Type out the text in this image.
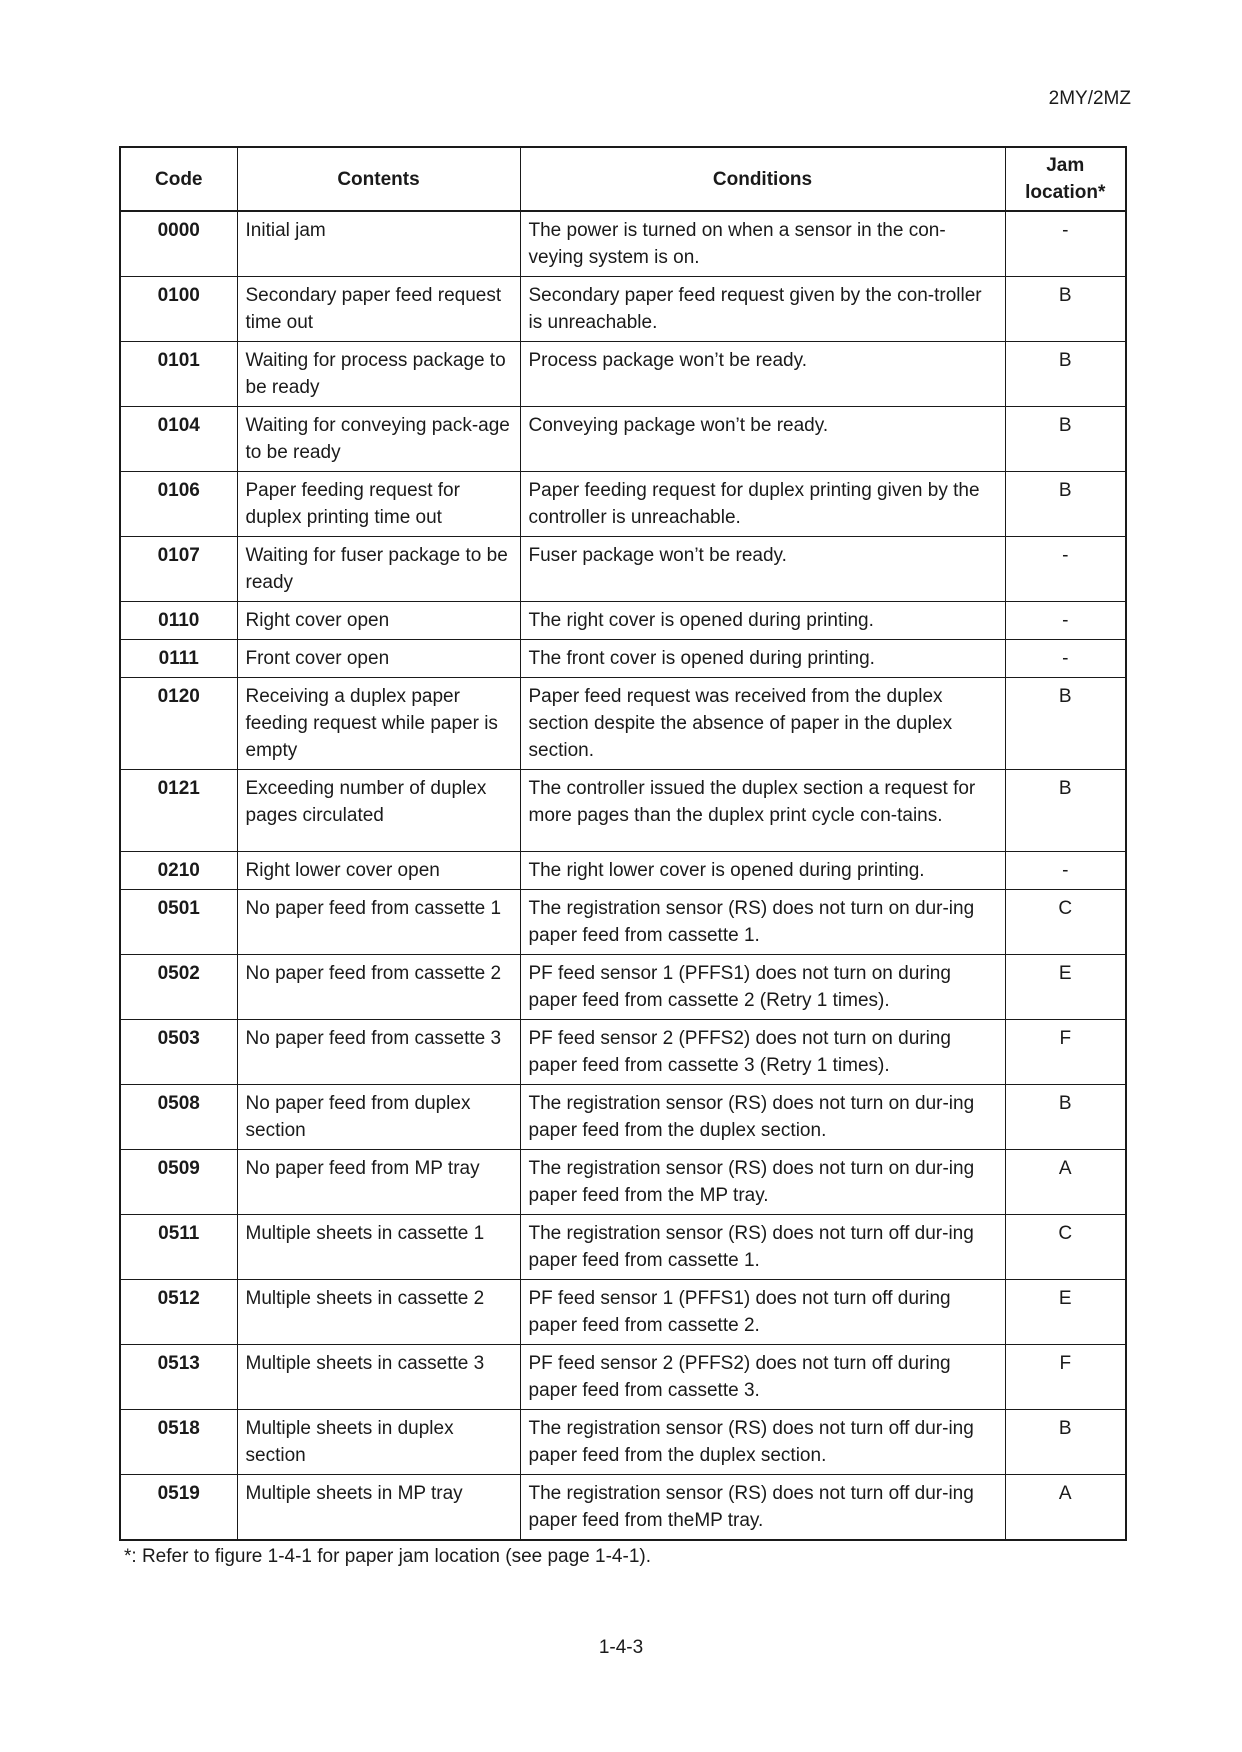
2MY/2MZ
Code	Contents	Conditions	Jam location*
0000	Initial jam	The power is turned on when a sensor in the con-veying system is on.	-
0100	Secondary paper feed request time out	Secondary paper feed request given by the con-troller is unreachable.	B
0101	Waiting for process package to be ready	Process package won’t be ready.	B
0104	Waiting for conveying pack-age to be ready	Conveying package won’t be ready.	B
0106	Paper feeding request for duplex printing time out	Paper feeding request for duplex printing given by the controller is unreachable.	B
0107	Waiting for fuser package to be ready	Fuser package won’t be ready.	-
0110	Right cover open	The right cover is opened during printing.	-
0111	Front cover open	The front cover is opened during printing.	-
0120	Receiving a duplex paper feeding request while paper is empty	Paper feed request was received from the duplex section despite the absence of paper in the duplex section.	B
0121	Exceeding number of duplex pages circulated	The controller issued the duplex section a request for more pages than the duplex print cycle con-tains.	B
0210	Right lower cover open	The right lower cover is opened during printing.	-
0501	No paper feed from cassette 1	The registration sensor (RS) does not turn on dur-ing paper feed from cassette 1.	C
0502	No paper feed from cassette 2	PF feed sensor 1 (PFFS1) does not turn on during paper feed from cassette 2 (Retry 1 times).	E
0503	No paper feed from cassette 3	PF feed sensor 2 (PFFS2) does not turn on during paper feed from cassette 3 (Retry 1 times).	F
0508	No paper feed from duplex section	The registration sensor (RS) does not turn on dur-ing paper feed from the duplex section.	B
0509	No paper feed from MP tray	The registration sensor (RS) does not turn on dur-ing paper feed from the MP tray.	A
0511	Multiple sheets in cassette 1	The registration sensor (RS) does not turn off dur-ing paper feed from cassette 1.	C
0512	Multiple sheets in cassette 2	PF feed sensor 1 (PFFS1) does not turn off during paper feed from cassette 2.	E
0513	Multiple sheets in cassette 3	PF feed sensor 2 (PFFS2) does not turn off during paper feed from cassette 3.	F
0518	Multiple sheets in duplex section	The registration sensor (RS) does not turn off dur-ing paper feed from the duplex section.	B
0519	Multiple sheets in MP tray	The registration sensor (RS) does not turn off dur-ing paper feed from theMP tray.	A
*: Refer to figure 1-4-1 for paper jam location (see page 1-4-1).
1-4-3
